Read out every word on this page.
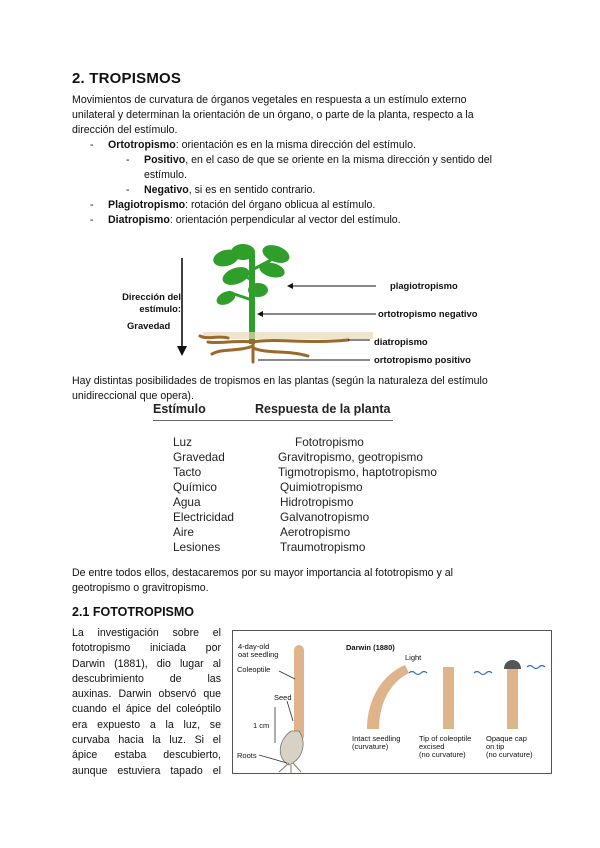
2. TROPISMOS

Movimientos de curvatura de órganos vegetales en respuesta a un estímulo externo

unilateral y determinan la orientación de un órgano, o parte de la planta, respecto a la

dirección del estímulo.

- Ortotropismo: orientación es en la misma dirección del estímulo.
- Positivo, en el caso de que se oriente en la misma dirección y sentido del
estímulo.
- Negativo, si es en sentido contrario.
- Plagiotropismo: rotación del órgano oblicua al estímulo.
- Diatropismo: orientación perpendicular al vector del estímulo.
Dirección del
estímulo:
Gravedad
plagiotropismo
ortotropismo negativo
diatropismo
ortotropismo positivo

Hay distintas posibilidades de tropismos en las plantas (según la naturaleza del estímulo

unidireccional que opera).

Estímulo	Respuesta de la planta
Luz	Fototropismo
Gravedad	Gravitropismo, geotropismo
Tacto	Tigmotropismo, haptotropismo
Químico	Quimiotropismo
Agua	Hidrotropismo
Electricidad	Galvanotropismo
Aire	Aerotropismo
Lesiones	Traumotropismo

De entre todos ellos, destacaremos por su mayor importancia al fototropismo y al

geotropismo o gravitropismo.

2.1 FOTOTROPISMO
La investigación sobre el
fototropismo iniciada por
Darwin (1881), dio lugar al
descubrimiento de las
auxinas. Darwin observó que
cuando el ápice del coleóptilo
era expuesto a la luz, se
curvaba hacia la luz. Si el
ápice estaba descubierto,
aunque estuviera tapado el
4-day-old
oat seedling
Coleoptile
Seed
1 cm
Roots
Darwin (1880)
Light
Intact seedling
(curvature)
Tip of coleoptile
excised
(no curvature)
Opaque cap
on tip
(no curvature)
